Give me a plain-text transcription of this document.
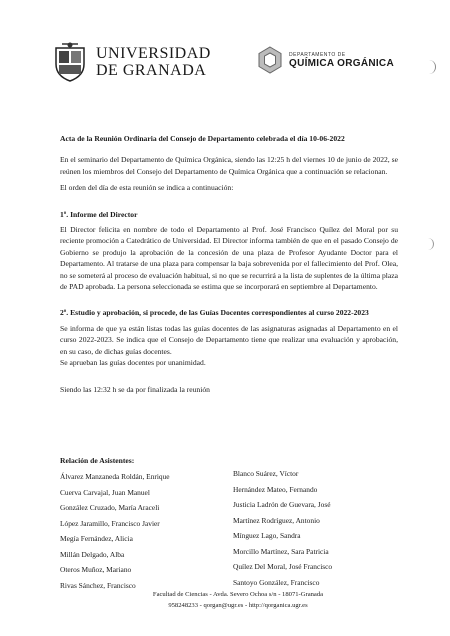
UNIVERSIDAD
DE GRANADA
DEPARTAMENTO DE
QUÍMICA ORGÁNICA

Acta de la Reunión Ordinaria del Consejo de Departamento celebrada el día 10-06-2022

En el seminario del Departamento de Química Orgánica, siendo las 12:25 h del viernes 10 de junio de 2022, se reúnen los miembros del Consejo del Departamento de Química Orgánica que a continuación se relacionan.

El orden del día de esta reunión se indica a continuación:

1º. Informe del Director

El Director felicita en nombre de todo el Departamento al Prof. José Francisco Quílez del Moral por su reciente promoción a Catedrático de Universidad. El Director informa también de que en el pasado Consejo de Gobierno se produjo la aprobación de la concesión de una plaza de Profesor Ayudante Doctor para el Departamento. Al tratarse de una plaza para compensar la baja sobrevenida por el fallecimiento del Prof. Olea, no se someterá al proceso de evaluación habitual, si no que se recurrirá a la lista de suplentes de la última plaza de PAD aprobada. La persona seleccionada se estima que se incorporará en septiembre al Departamento.

2º. Estudio y aprobación, si procede, de las Guías Docentes correspondientes al curso 2022-2023

Se informa de que ya están listas todas las guías docentes de las asignaturas asignadas al Departamento en el curso 2022-2023. Se indica que el Consejo de Departamento tiene que realizar una evaluación y aprobación, en su caso, de dichas guías docentes.

Se aprueban las guías docentes por unanimidad.

Siendo las 12:32 h se da por finalizada la reunión

Relación de Asistentes:
Álvarez Manzaneda Roldán, Enrique
Cuerva Carvajal, Juan Manuel
González Cruzado, María Araceli
López Jaramillo, Francisco Javier
Megía Fernández, Alicia
Millán Delgado, Alba
Oteros Muñoz, Mariano
Rivas Sánchez, Francisco
Blanco Suárez, Víctor
Hernández Mateo, Fernando
Justicia Ladrón de Guevara, José
Martínez Rodríguez, Antonio
Mínguez Lago, Sandra
Morcillo Martínez, Sara Patricia
Quílez Del Moral, José Francisco
Santoyo González, Francisco
Facultad de Ciencias - Avda. Severo Ochoa s/n - 18071-Granada
958248233 - qorgan@ugr.es - http://qorganica.ugr.es
